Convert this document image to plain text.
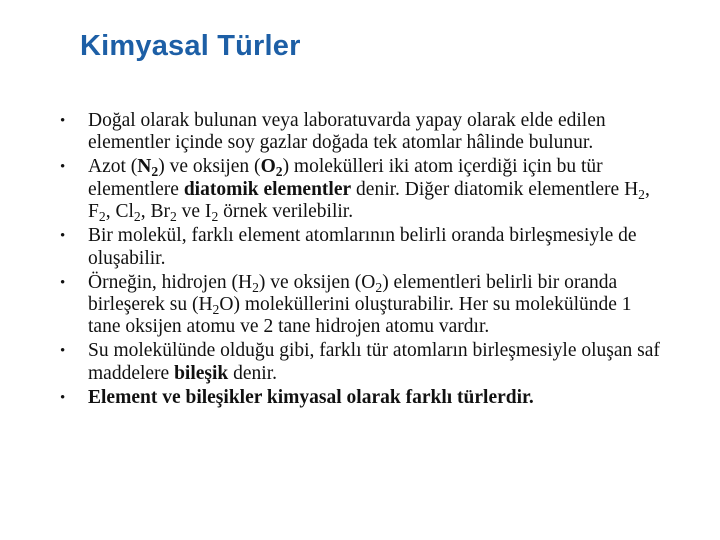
Kimyasal Türler
•	Doğal olarak bulunan veya laboratuvarda yapay olarak elde edilen elementler içinde soy gazlar doğada tek atomlar hâlinde bulunur.
•	Azot $(N_2)$ ve oksijen $(O_2)$ molekülleri iki atom içerdiği için bu tür elementlere diatomik elementler denir. Diğer diatomik elementlere $H_2$, $F_2$, $Cl_2$, $Br_2$ ve $I_2$ örnek verilebilir.
•	Bir molekül, farklı element atomlarının belirli oranda birleşmesiyle de oluşabilir.
•	Örneğin, hidrojen $(H_2)$ ve oksijen $(O_2)$ elementleri belirli bir oranda birleşerek su $(H_2O)$ moleküllerini oluşturabilir. Her su molekülünde 1 tane oksijen atomu ve 2 tane hidrojen atomu vardır.
•	Su molekülünde olduğu gibi, farklı tür atomların birleşmesiyle oluşan saf maddelere bileşik denir.
•	Element ve bileşikler kimyasal olarak farklı türlerdir.
